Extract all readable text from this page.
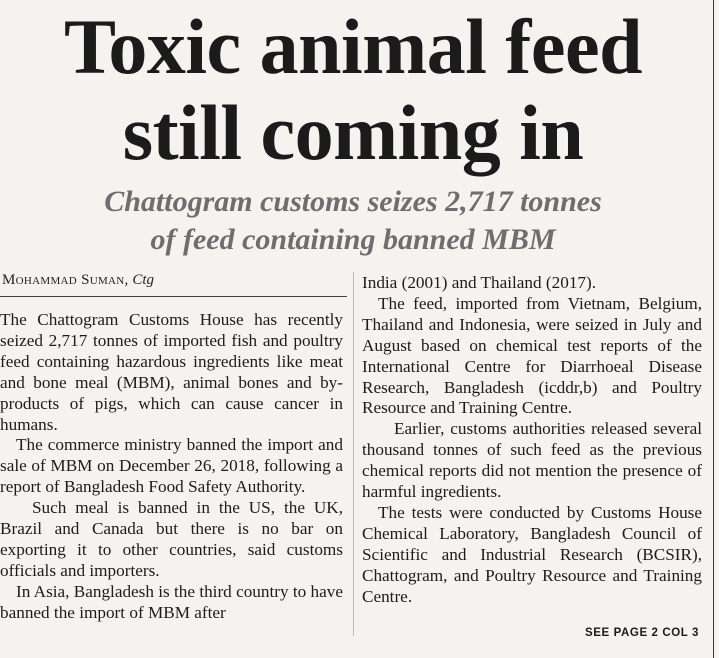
Toxic animal feed
still coming in
Chattogram customs seizes 2,717 tonnes
of feed containing banned MBM
Mohammad Suman, Ctg

The Chattogram Customs House has recently seized 2,717 tonnes of imported fish and poultry feed containing hazardous ingredients like meat and bone meal (MBM), animal bones and by-products of pigs, which can cause cancer in humans.

The commerce ministry banned the import and sale of MBM on December 26, 2018, following a report of Bangladesh Food Safety Authority.

Such meal is banned in the US, the UK, Brazil and Canada but there is no bar on exporting it to other countries, said customs officials and importers.

In Asia, Bangladesh is the third country to have banned the import of MBM after

India (2001) and Thailand (2017).

The feed, imported from Vietnam, Belgium, Thailand and Indonesia, were seized in July and August based on chemical test reports of the International Centre for Diarrhoeal Disease Research, Bangladesh (icddr,b) and Poultry Resource and Training Centre.

Earlier, customs authorities released several thousand tonnes of such feed as the previous chemical reports did not mention the presence of harmful ingredients.

The tests were conducted by Customs House Chemical Laboratory, Bangladesh Council of Scientific and Industrial Research (BCSIR), Chattogram, and Poultry Resource and Training Centre.

SEE PAGE 2 COL 3
